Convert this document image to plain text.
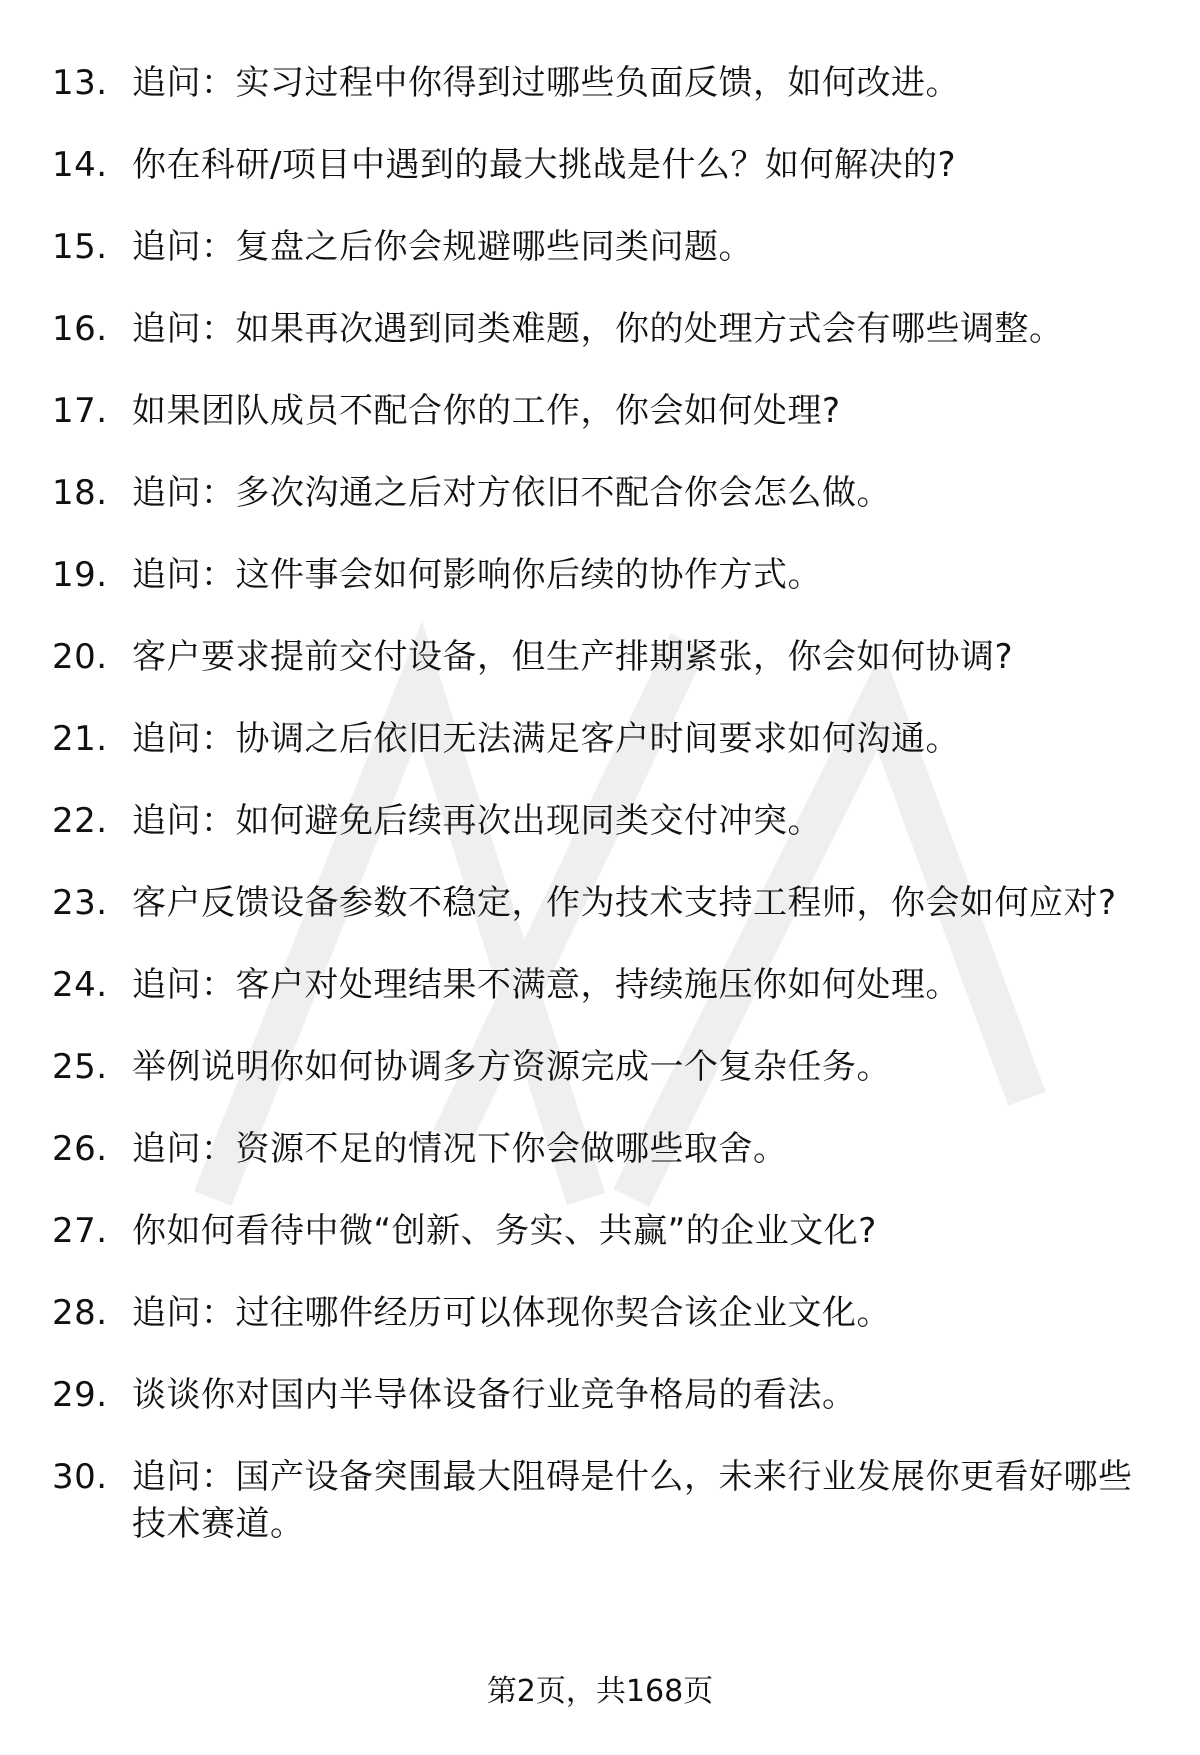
13. 追问：实习过程中你得到过哪些负面反馈，如何改进。
14. 你在科研/项目中遇到的最大挑战是什么？如何解决的?
15. 追问：复盘之后你会规避哪些同类问题。
16. 追问：如果再次遇到同类难题，你的处理方式会有哪些调整。
17. 如果团队成员不配合你的工作，你会如何处理?
18. 追问：多次沟通之后对方依旧不配合你会怎么做。
19. 追问：这件事会如何影响你后续的协作方式。
20. 客户要求提前交付设备，但生产排期紧张，你会如何协调?
21. 追问：协调之后依旧无法满足客户时间要求如何沟通。
22. 追问：如何避免后续再次出现同类交付冲突。
23. 客户反馈设备参数不稳定，作为技术支持工程师，你会如何应对?
24. 追问：客户对处理结果不满意，持续施压你如何处理。
25. 举例说明你如何协调多方资源完成一个复杂任务。
26. 追问：资源不足的情况下你会做哪些取舍。
27. 你如何看待中微“创新、务实、共赢”的企业文化?
28. 追问：过往哪件经历可以体现你契合该企业文化。
29. 谈谈你对国内半导体设备行业竞争格局的看法。
30. 追问：国产设备突围最大阻碍是什么，未来行业发展你更看好哪些技术赛道。
第2页，共168页
